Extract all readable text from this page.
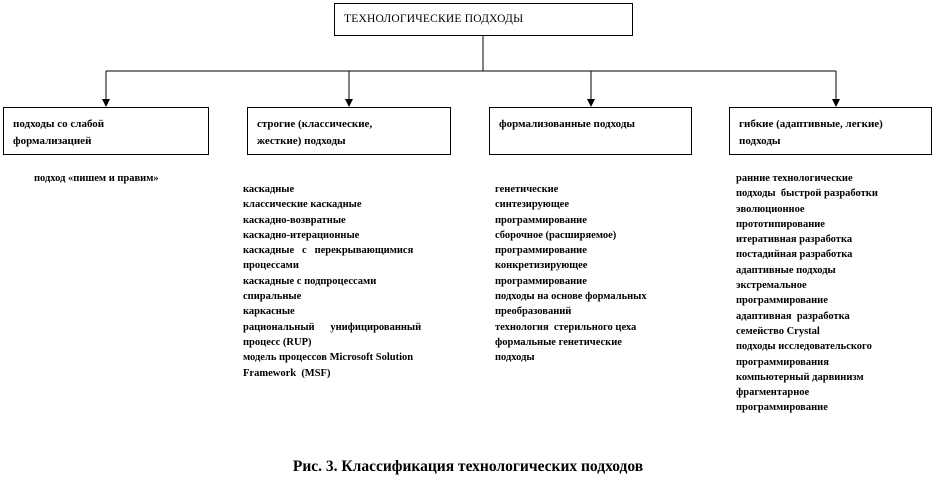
ТЕХНОЛОГИЧЕСКИЕ ПОДХОДЫ
подходы со слабой
формализацией
строгие (классические,
жесткие) подходы
формализованные подходы	гибкие (адаптивные, легкие)
подходы
подход «пишем и правим»
каскадные
классические каскадные
каскадно-возвратные
каскадно-итерационные
каскадные   с   перекрывающимися
процессами
каскадные с подпроцессами
спиральные
каркасные
рациональный      унифицированный
процесс (RUP)
модель процессов Microsoft Solution
Framework  (MSF)
генетические
синтезирующее
программирование
сборочное (расширяемое)
программирование
конкретизирующее
программирование
подходы на основе формальных
преобразований
технология  стерильного цеха
формальные генетические
подходы
ранние технологические
подходы  быстрой разработки
эволюционное
прототипирование
итеративная разработка
постадийная разработка
адаптивные подходы
экстремальное
программирование
адаптивная  разработка
семейство Crystal
подходы исследовательского
программирования
компьютерный дарвинизм
фрагментарное
программирование
Рис. 3. Классификация технологических подходов
